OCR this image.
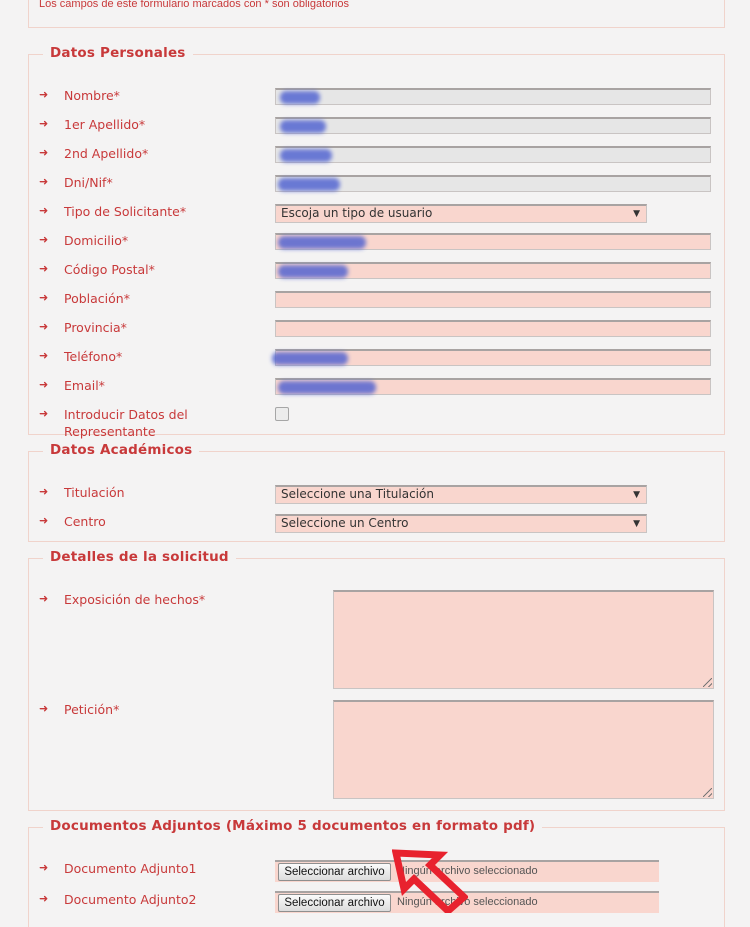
Los campos de este formulario marcados con * son obligatorios
Datos Personales
➜ Nombre*
➜ 1er Apellido*
➜ 2nd Apellido*
➜ Dni/Nif*
➜ Tipo de Solicitante*	Escoja un tipo de usuario	▼
➜ Domicilio*
➜ Código Postal*
➜ Población*
➜ Provincia*
➜ Teléfono*
➜ Email*
➜ Introducir Datos del Representante
Datos Académicos
➜ Titulación	Seleccione una Titulación	▼
➜ Centro	Seleccione un Centro	▼
Detalles de la solicitud
➜ Exposición de hechos*
➜ Petición*
Documentos Adjuntos (Máximo 5 documentos en formato pdf)
➜ Documento Adjunto1	Seleccionar archivo	Ningún archivo seleccionado
➜ Documento Adjunto2	Seleccionar archivo	Ningún archivo seleccionado
